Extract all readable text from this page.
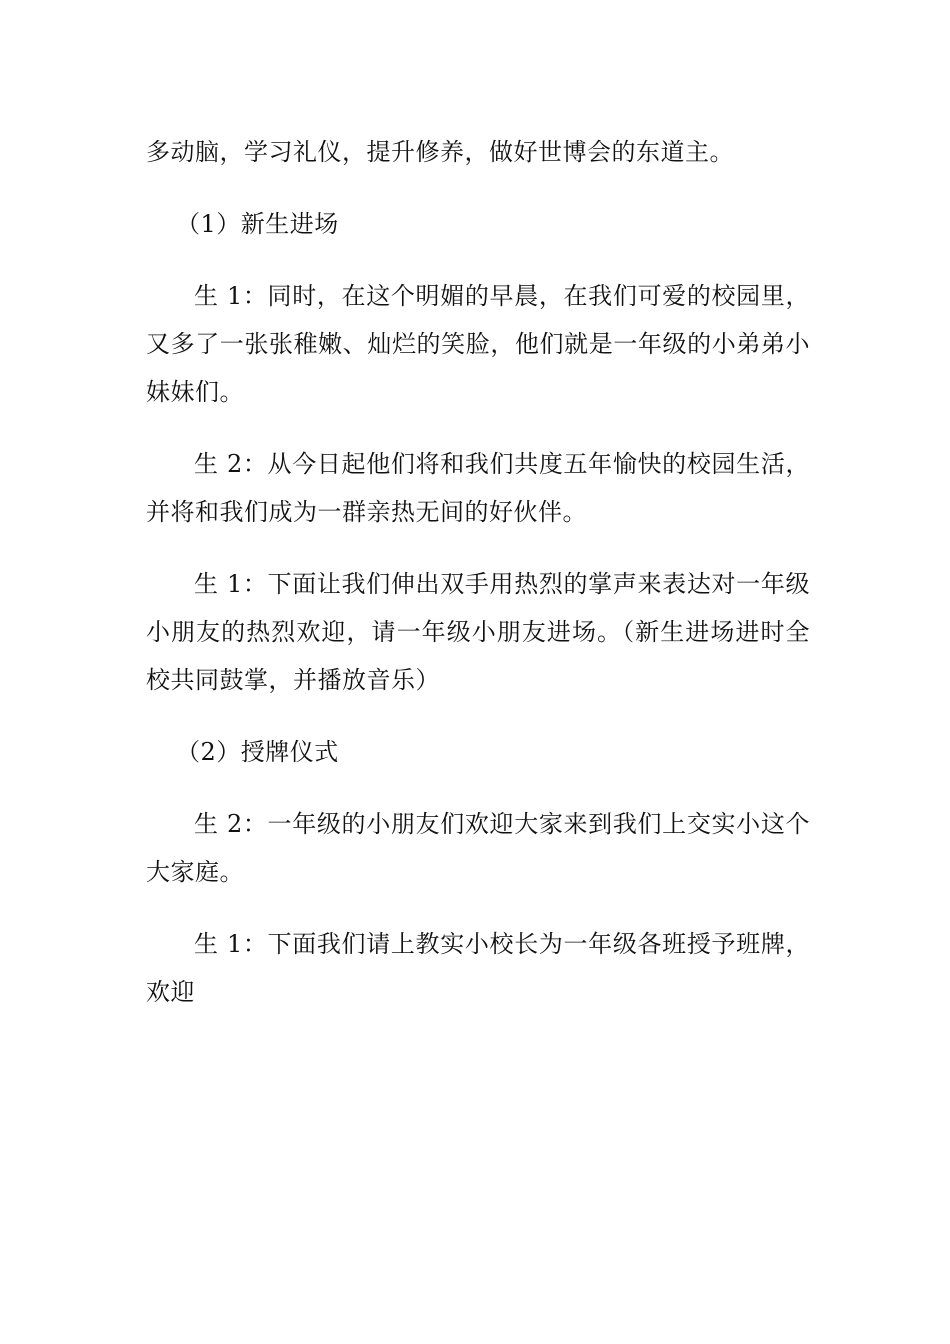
多动脑，学习礼仪，提升修养，做好世博会的东道主。

（1）新生进场

生 1：同时，在这个明媚的早晨，在我们可爱的校园里，又多了一张张稚嫩、灿烂的笑脸，他们就是一年级的小弟弟小妹妹们。

生 2：从今日起他们将和我们共度五年愉快的校园生活，并将和我们成为一群亲热无间的好伙伴。

生 1：下面让我们伸出双手用热烈的掌声来表达对一年级小朋友的热烈欢迎，请一年级小朋友进场。（新生进场进时全校共同鼓掌，并播放音乐）

（2）授牌仪式

生 2：一年级的小朋友们欢迎大家来到我们上交实小这个大家庭。

生 1：下面我们请上教实小校长为一年级各班授予班牌，欢迎
